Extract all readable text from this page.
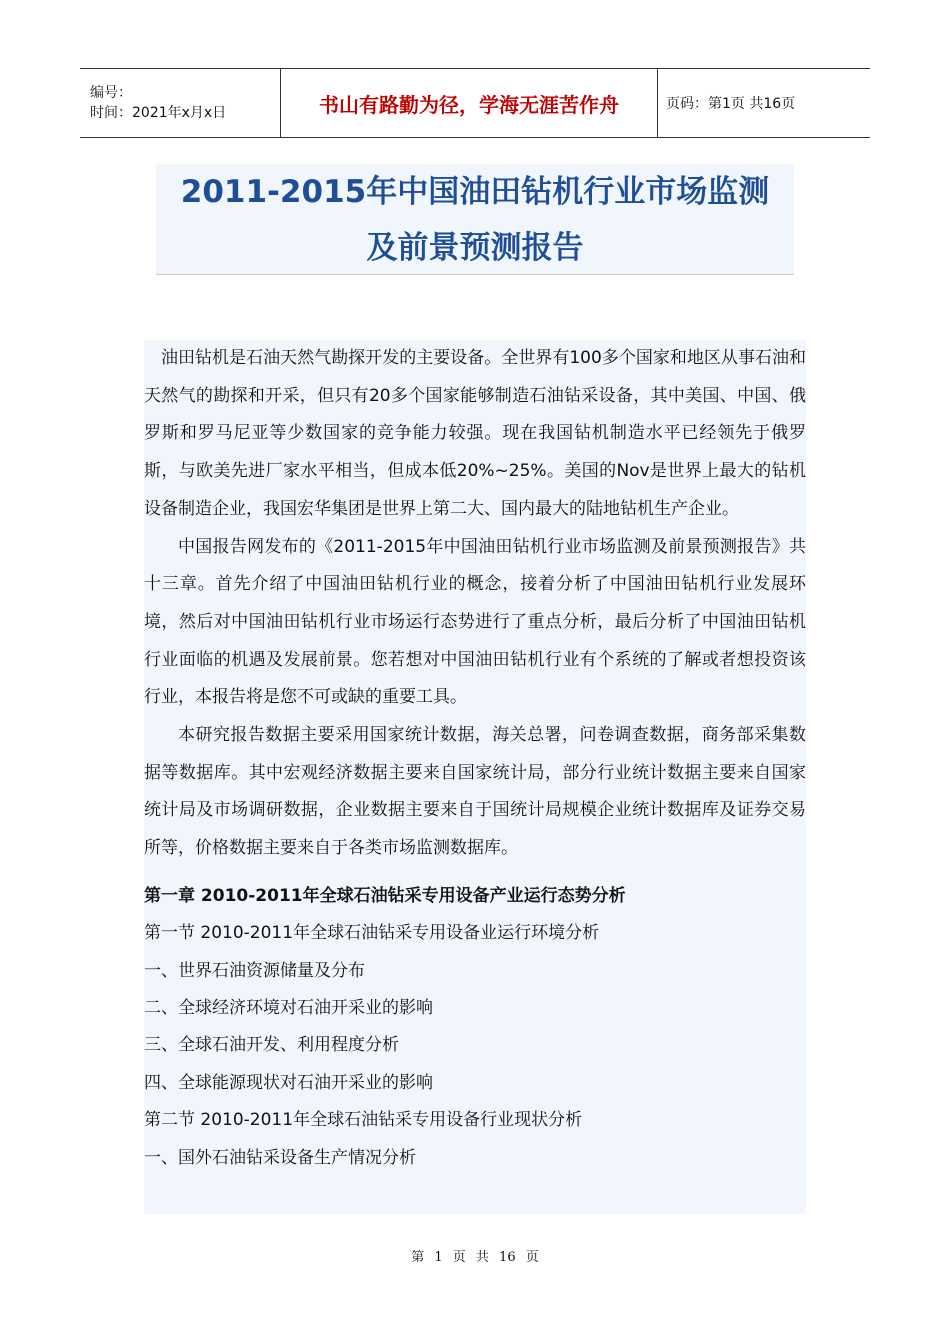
编号：
时间：2021年x月x日	书山有路勤为径，学海无涯苦作舟	页码：第1页 共16页
2011-2015年中国油田钻机行业市场监测
及前景预测报告

油田钻机是石油天然气勘探开发的主要设备。全世界有100多个国家和地区从事石油和天然气的勘探和开采，但只有20多个国家能够制造石油钻采设备，其中美国、中国、俄罗斯和罗马尼亚等少数国家的竞争能力较强。现在我国钻机制造水平已经领先于俄罗斯，与欧美先进厂家水平相当，但成本低20%~25%。美国的Nov是世界上最大的钻机设备制造企业，我国宏华集团是世界上第二大、国内最大的陆地钻机生产企业。

中国报告网发布的《2011-2015年中国油田钻机行业市场监测及前景预测报告》共十三章。首先介绍了中国油田钻机行业的概念，接着分析了中国油田钻机行业发展环境，然后对中国油田钻机行业市场运行态势进行了重点分析，最后分析了中国油田钻机行业面临的机遇及发展前景。您若想对中国油田钻机行业有个系统的了解或者想投资该行业，本报告将是您不可或缺的重要工具。

本研究报告数据主要采用国家统计数据，海关总署，问卷调查数据，商务部采集数据等数据库。其中宏观经济数据主要来自国家统计局，部分行业统计数据主要来自国家统计局及市场调研数据，企业数据主要来自于国统计局规模企业统计数据库及证券交易所等，价格数据主要来自于各类市场监测数据库。

第一章 2010-2011年全球石油钻采专用设备产业运行态势分析
第一节 2010-2011年全球石油钻采专用设备业运行环境分析
一、世界石油资源储量及分布
二、全球经济环境对石油开采业的影响
三、全球石油开发、利用程度分析
四、全球能源现状对石油开采业的影响
第二节 2010-2011年全球石油钻采专用设备行业现状分析
一、国外石油钻采设备生产情况分析
第 1 页 共 16 页
